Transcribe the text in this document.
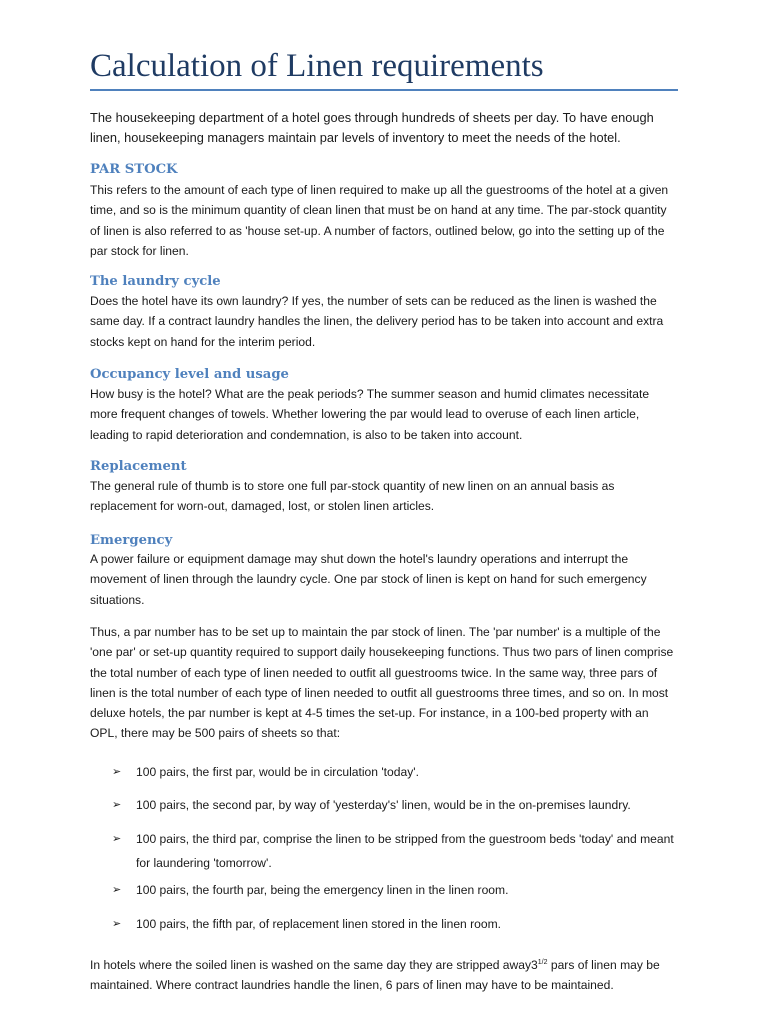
Calculation of Linen requirements

The housekeeping department of a hotel goes through hundreds of sheets per day. To have enough linen, housekeeping managers maintain par levels of inventory to meet the needs of the hotel.

PAR STOCK

This refers to the amount of each type of linen required to make up all the guestrooms of the hotel at a given time, and so is the minimum quantity of clean linen that must be on hand at any time. The par-stock quantity of linen is also referred to as 'house set-up. A number of factors, outlined below, go into the setting up of the par stock for linen.

The laundry cycle

Does the hotel have its own laundry? If yes, the number of sets can be reduced as the linen is washed the same day. If a contract laundry handles the linen, the delivery period has to be taken into account and extra stocks kept on hand for the interim period.

Occupancy level and usage

How busy is the hotel? What are the peak periods? The summer season and humid climates necessitate more frequent changes of towels. Whether lowering the par would lead to overuse of each linen article, leading to rapid deterioration and condemnation, is also to be taken into account.

Replacement

The general rule of thumb is to store one full par-stock quantity of new linen on an annual basis as replacement for worn-out, damaged, lost, or stolen linen articles.

Emergency

A power failure or equipment damage may shut down the hotel's laundry operations and interrupt the movement of linen through the laundry cycle. One par stock of linen is kept on hand for such emergency situations.

Thus, a par number has to be set up to maintain the par stock of linen. The 'par number' is a multiple of the 'one par' or set-up quantity required to support daily housekeeping functions. Thus two pars of linen comprise the total number of each type of linen needed to outfit all guestrooms twice. In the same way, three pars of linen is the total number of each type of linen needed to outfit all guestrooms three times, and so on. In most deluxe hotels, the par number is kept at 4-5 times the set-up. For instance, in a 100-bed property with an OPL, there may be 500 pairs of sheets so that:

➢	100 pairs, the first par, would be in circulation 'today'.
➢	100 pairs, the second par, by way of 'yesterday's' linen, would be in the on-premises laundry.
➢	100 pairs, the third par, comprise the linen to be stripped from the guestroom beds 'today' and meant for laundering 'tomorrow'.
➢	100 pairs, the fourth par, being the emergency linen in the linen room.
➢	100 pairs, the fifth par, of replacement linen stored in the linen room.

In hotels where the soiled linen is washed on the same day they are stripped $away3^{1/2}$ pars of linen may be maintained. Where contract laundries handle the linen, 6 pars of linen may have to be maintained.
